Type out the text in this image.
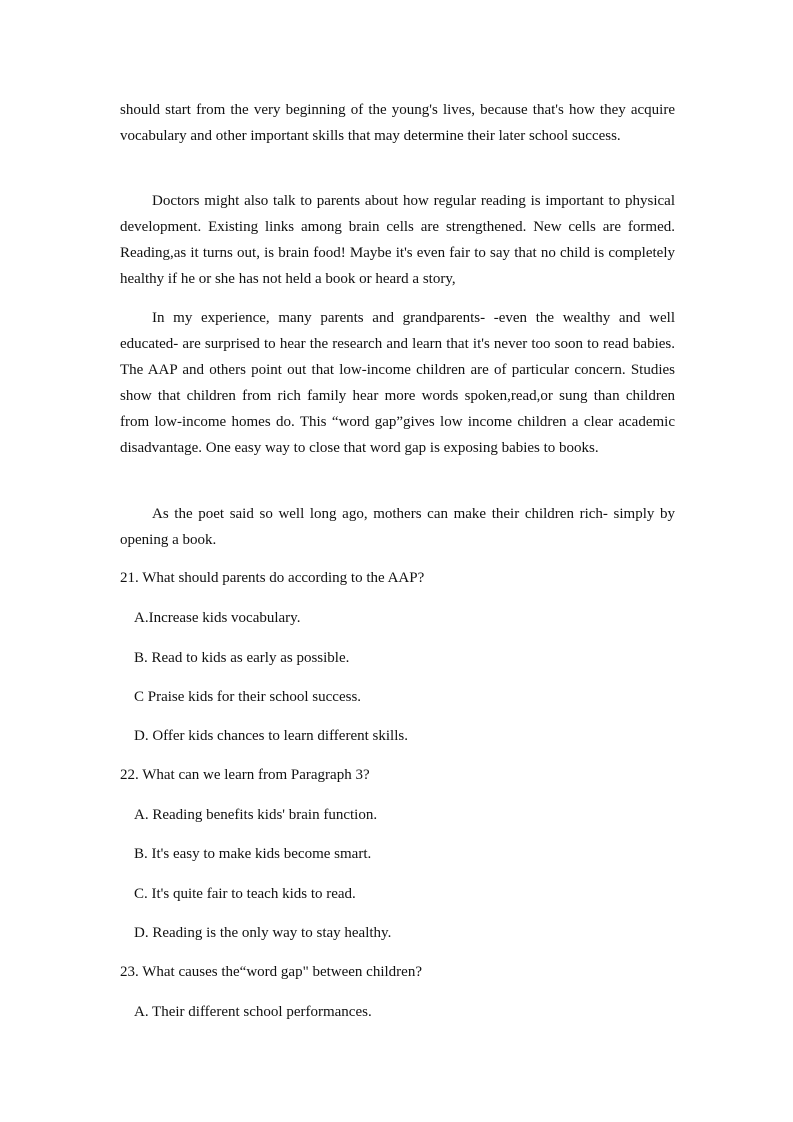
should start from the very beginning of the young's lives, because that's how they acquire vocabulary and other important skills that may determine their later school success.

Doctors might also talk to parents about how regular reading is important to physical development. Existing links among brain cells are strengthened. New cells are formed. Reading,as it turns out, is brain food! Maybe it's even fair to say that no child is completely healthy if he or she has not held a book or heard a story,

In my experience, many parents and grandparents- -even the wealthy and well educated- are surprised to hear the research and learn that it's never too soon to read babies. The AAP and others point out that low-income children are of particular concern. Studies show that children from rich family hear more words spoken,read,or sung than children from low-income homes do. This “word gap”gives low income children a clear academic disadvantage. One easy way to close that word gap is exposing babies to books.

As the poet said so well long ago, mothers can make their children rich- simply by opening a book.

21. What should parents do according to the AAP?

A.Increase kids vocabulary.

B. Read to kids as early as possible.

C Praise kids for their school success.

D. Offer kids chances to learn different skills.

22. What can we learn from Paragraph 3?

A. Reading benefits kids' brain function.

B. It's easy to make kids become smart.

C. It's quite fair to teach kids to read.

D. Reading is the only way to stay healthy.

23. What causes the“word gap" between children?

A. Their different school performances.
